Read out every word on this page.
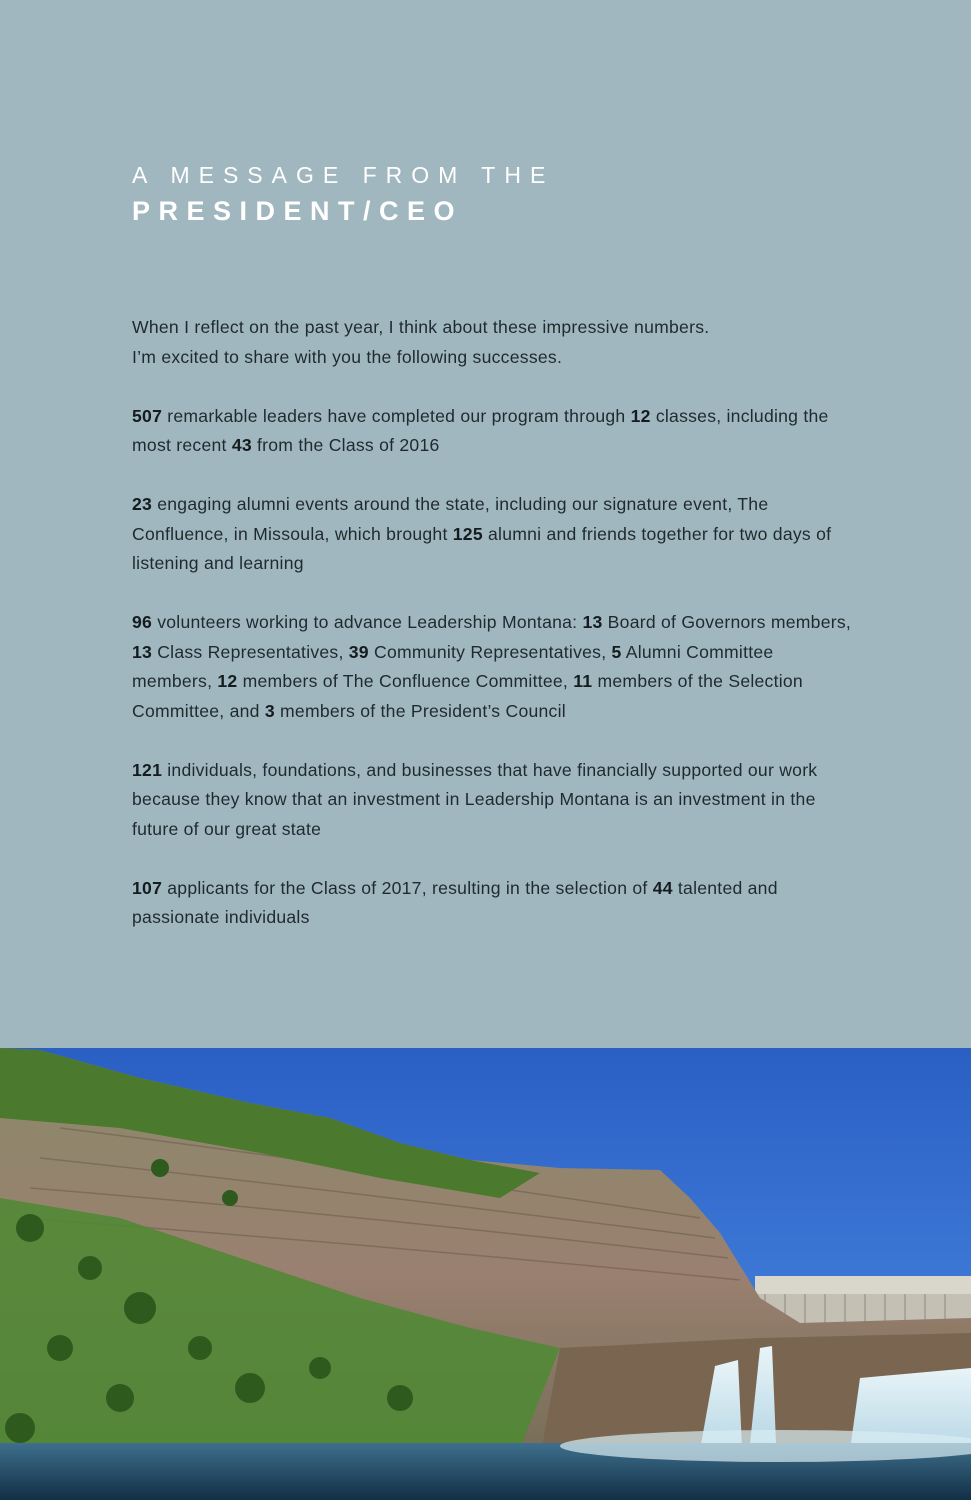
A MESSAGE FROM THE
PRESIDENT/CEO

When I reflect on the past year, I think about these impressive numbers.
I’m excited to share with you the following successes.

507 remarkable leaders have completed our program through 12 classes, including the most recent 43 from the Class of 2016

23 engaging alumni events around the state, including our signature event, The Confluence, in Missoula, which brought 125 alumni and friends together for two days of listening and learning

96 volunteers working to advance Leadership Montana: 13 Board of Governors members, 13 Class Representatives, 39 Community Representatives, 5 Alumni Committee members, 12 members of The Confluence Committee, 11 members of the Selection Committee, and 3 members of the President’s Council

121 individuals, foundations, and businesses that have financially supported our work because they know that an investment in Leadership Montana is an investment in the future of our great state

107 applicants for the Class of 2017, resulting in the selection of 44 talented and passionate individuals
